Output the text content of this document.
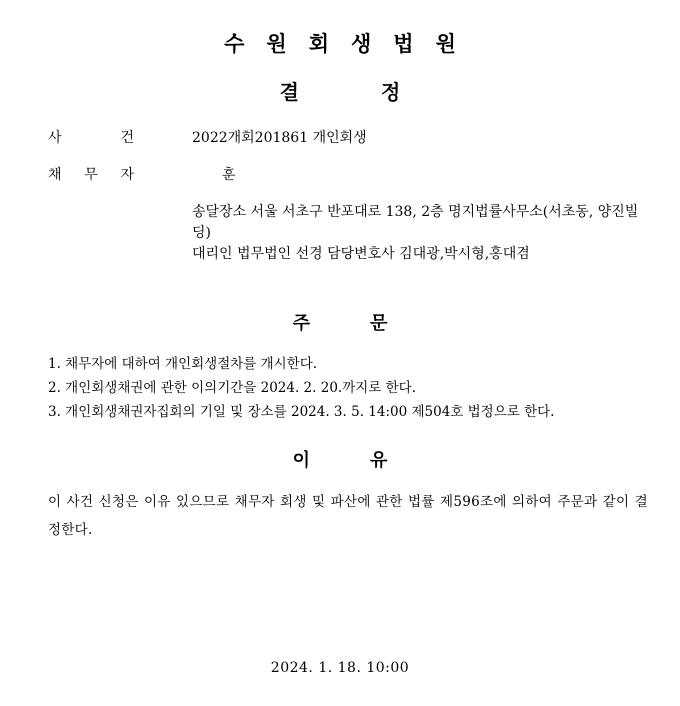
수원회생법원
결	정
사	건	2022개회201861 개인회생
채 무 자	훈
송달장소 서울 서초구 반포대로 138, 2층 명지법률사무소(서초동, 양진빌딩)
대리인 법무법인 선경 담당변호사 김대광,박시형,홍대겸
주	문
1. 채무자에 대하여 개인회생절차를 개시한다.
2. 개인회생채권에 관한 이의기간을 2024. 2. 20.까지로 한다.
3. 개인회생채권자집회의 기일 및 장소를 2024. 3. 5. 14:00 제504호 법정으로 한다.
이	유
이 사건 신청은 이유 있으므로 채무자 회생 및 파산에 관한 법률 제596조에 의하여 주문과 같이 결정한다.
2024. 1. 18. 10:00
